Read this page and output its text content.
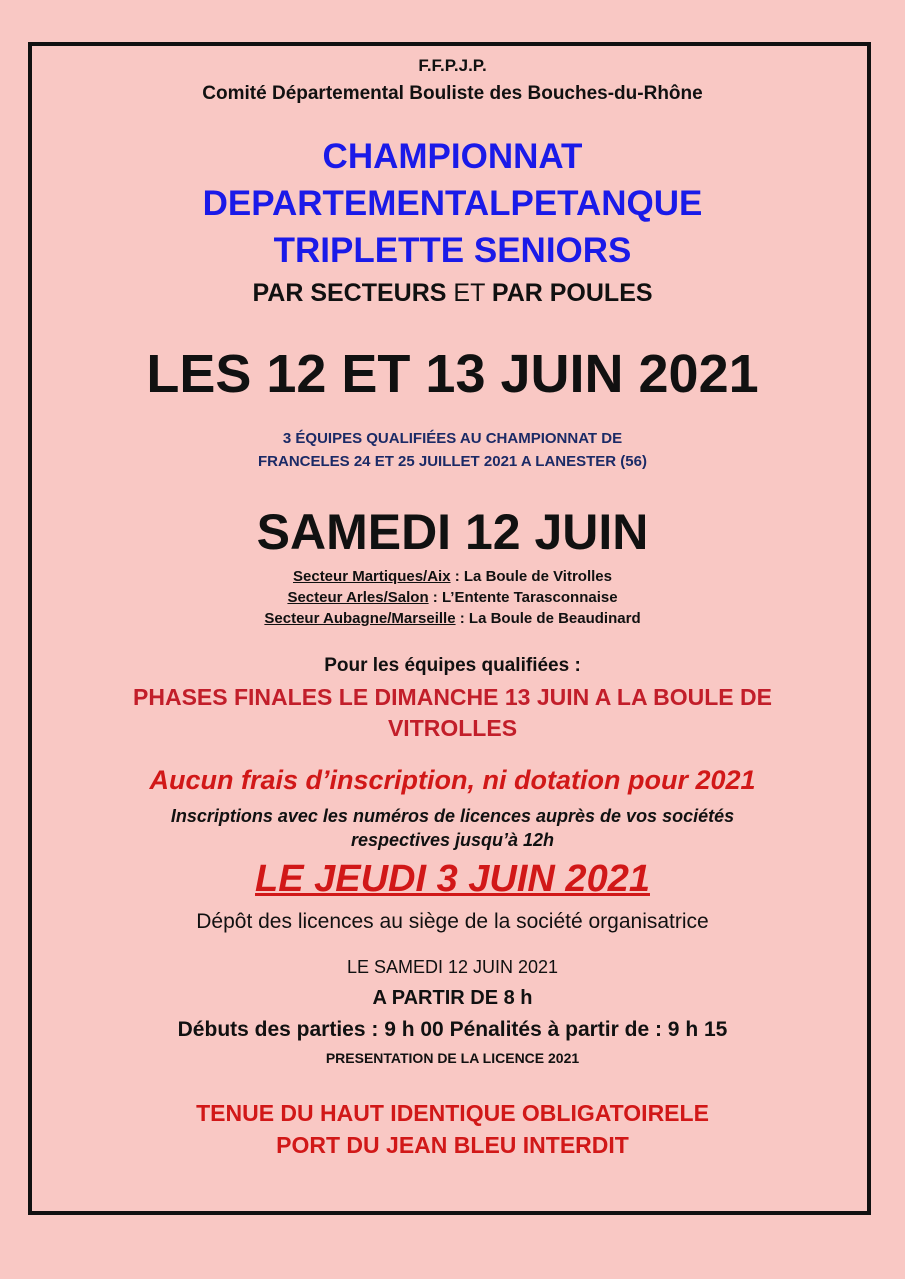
F.F.P.J.P.
Comité Départemental Bouliste des Bouches-du-Rhône
CHAMPIONNAT
DEPARTEMENTALPETANQUE
TRIPLETTE SENIORS
PAR SECTEURS ET PAR POULES
LES 12 ET 13 JUIN 2021
3 ÉQUIPES QUALIFIÉES AU CHAMPIONNAT DE
FRANCELES 24 ET 25 JUILLET 2021 A LANESTER (56)
SAMEDI 12 JUIN
Secteur Martiques/Aix : La Boule de Vitrolles
Secteur Arles/Salon : L’Entente Tarasconnaise
Secteur Aubagne/Marseille : La Boule de Beaudinard
Pour les équipes qualifiées :
PHASES FINALES LE DIMANCHE 13 JUIN A LA BOULE DE
VITROLLES
Aucun frais d’inscription, ni dotation pour 2021
Inscriptions avec les numéros de licences auprès de vos sociétés
respectives jusqu’à 12h
LE JEUDI 3 JUIN 2021
Dépôt des licences au siège de la société organisatrice
LE SAMEDI 12 JUIN 2021
A PARTIR DE 8 h
Débuts des parties : 9 h 00 Pénalités à partir de : 9 h 15
PRESENTATION DE LA LICENCE 2021
TENUE DU HAUT IDENTIQUE OBLIGATOIRELE
PORT DU JEAN BLEU INTERDIT
